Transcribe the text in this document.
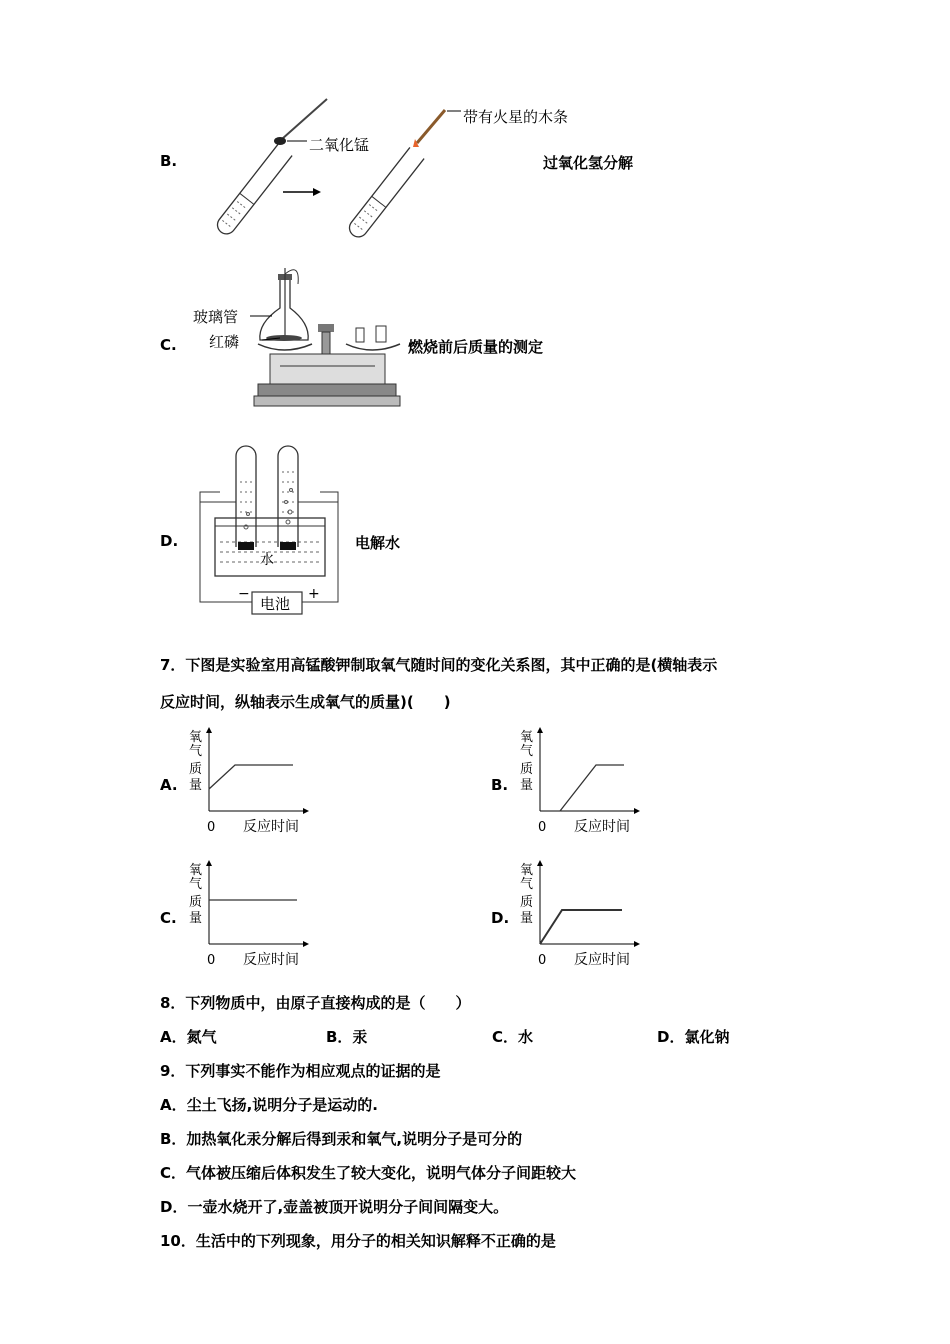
B.
二氧化锰
带有火星的木条
过氧化氢分解
C.
玻璃管
红磷	燃烧前后质量的测定
D.
水
电池
−	+
电解水
7．下图是实验室用高锰酸钾制取氧气随时间的变化关系图，其中正确的是(横轴表示
反应时间，纵轴表示生成氧气的质量)(　　)
A.
氧
气
质
量
0 反应时间
B.
氧
气
质
量
0 反应时间
C.
氧
气
质
量
0 反应时间
D.
氧
气
质
量
0 反应时间
8．下列物质中，由原子直接构成的是（　　）
A．氮气	B．汞	C．水	D．氯化钠
9．下列事实不能作为相应观点的证据的是
A．尘土飞扬,说明分子是运动的.
B．加热氧化汞分解后得到汞和氧气,说明分子是可分的
C．气体被压缩后体积发生了较大变化，说明气体分子间距较大
D．一壶水烧开了,壶盖被顶开说明分子间间隔变大。
10．生活中的下列现象，用分子的相关知识解释不正确的是
